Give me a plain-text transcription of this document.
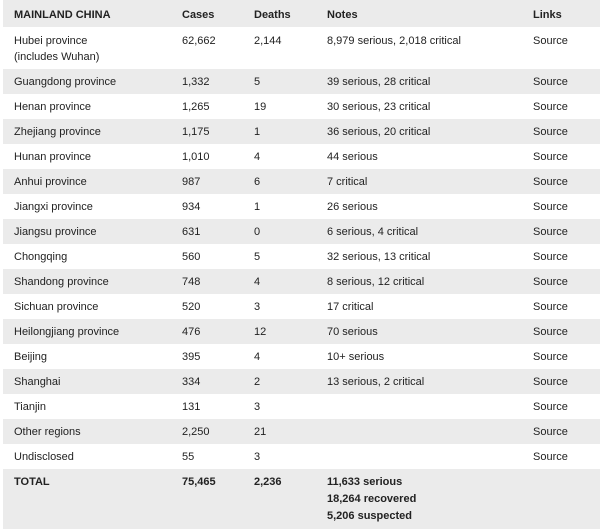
MAINLAND CHINA	Cases	Deaths	Notes	Links

Hubei province
(includes Wuhan)	62,662	2,144	8,979 serious, 2,018 critical	Source
Guangdong province	1,332	5	39 serious, 28 critical	Source
Henan province	1,265	19	30 serious, 23 critical	Source
Zhejiang province	1,175	1	36 serious, 20 critical	Source
Hunan province	1,010	4	44 serious	Source
Anhui province	987	6	7 critical	Source
Jiangxi province	934	1	26 serious	Source
Jiangsu province	631	0	6 serious, 4 critical	Source
Chongqing	560	5	32 serious, 13 critical	Source
Shandong province	748	4	8 serious, 12 critical	Source
Sichuan province	520	3	17 critical	Source
Heilongjiang province	476	12	70 serious	Source
Beijing	395	4	10+ serious	Source
Shanghai	334	2	13 serious, 2 critical	Source
Tianjin	131	3		Source
Other regions	2,250	21		Source
Undisclosed	55	3		Source
TOTAL	75,465	2,236	11,633 serious
18,264 recovered
5,206 suspected	
